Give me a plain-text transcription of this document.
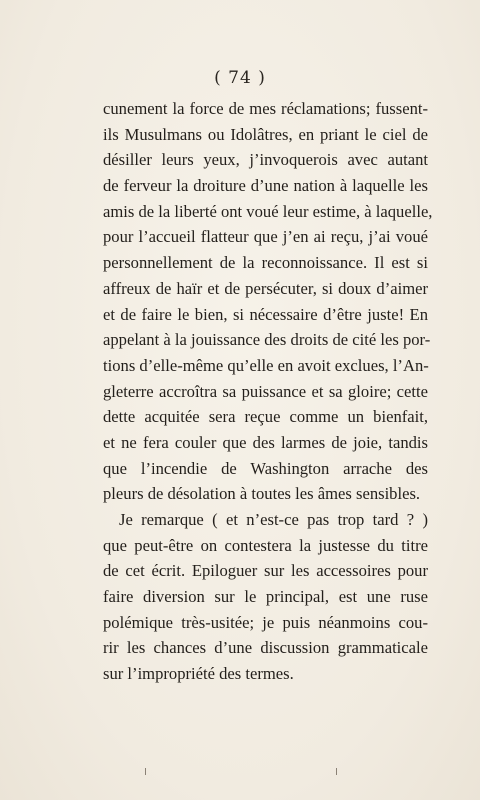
( 74 )
cunement la force de mes réclamations; fussent-
ils Musulmans ou Idolâtres, en priant le ciel de
désiller leurs yeux, j’invoquerois avec autant
de ferveur la droiture d’une nation à laquelle les
amis de la liberté ont voué leur estime, à laquelle,
pour l’accueil flatteur que j’en ai reçu, j’ai voué
personnellement de la reconnoissance. Il est si
affreux de haïr et de persécuter, si doux d’aimer
et de faire le bien, si nécessaire d’être juste! En
appelant à la jouissance des droits de cité les por-
tions d’elle-même qu’elle en avoit exclues, l’An-
gleterre accroîtra sa puissance et sa gloire; cette
dette acquitée sera reçue comme un bienfait,
et ne fera couler que des larmes de joie, tandis
que l’incendie de Washington arrache des
pleurs de désolation à toutes les âmes sensibles.
Je remarque ( et n’est-ce pas trop tard ? )
que peut-être on contestera la justesse du titre
de cet écrit. Epiloguer sur les accessoires pour
faire diversion sur le principal, est une ruse
polémique très-usitée; je puis néanmoins cou-
rir les chances d’une discussion grammaticale
sur l’impropriété des termes.
